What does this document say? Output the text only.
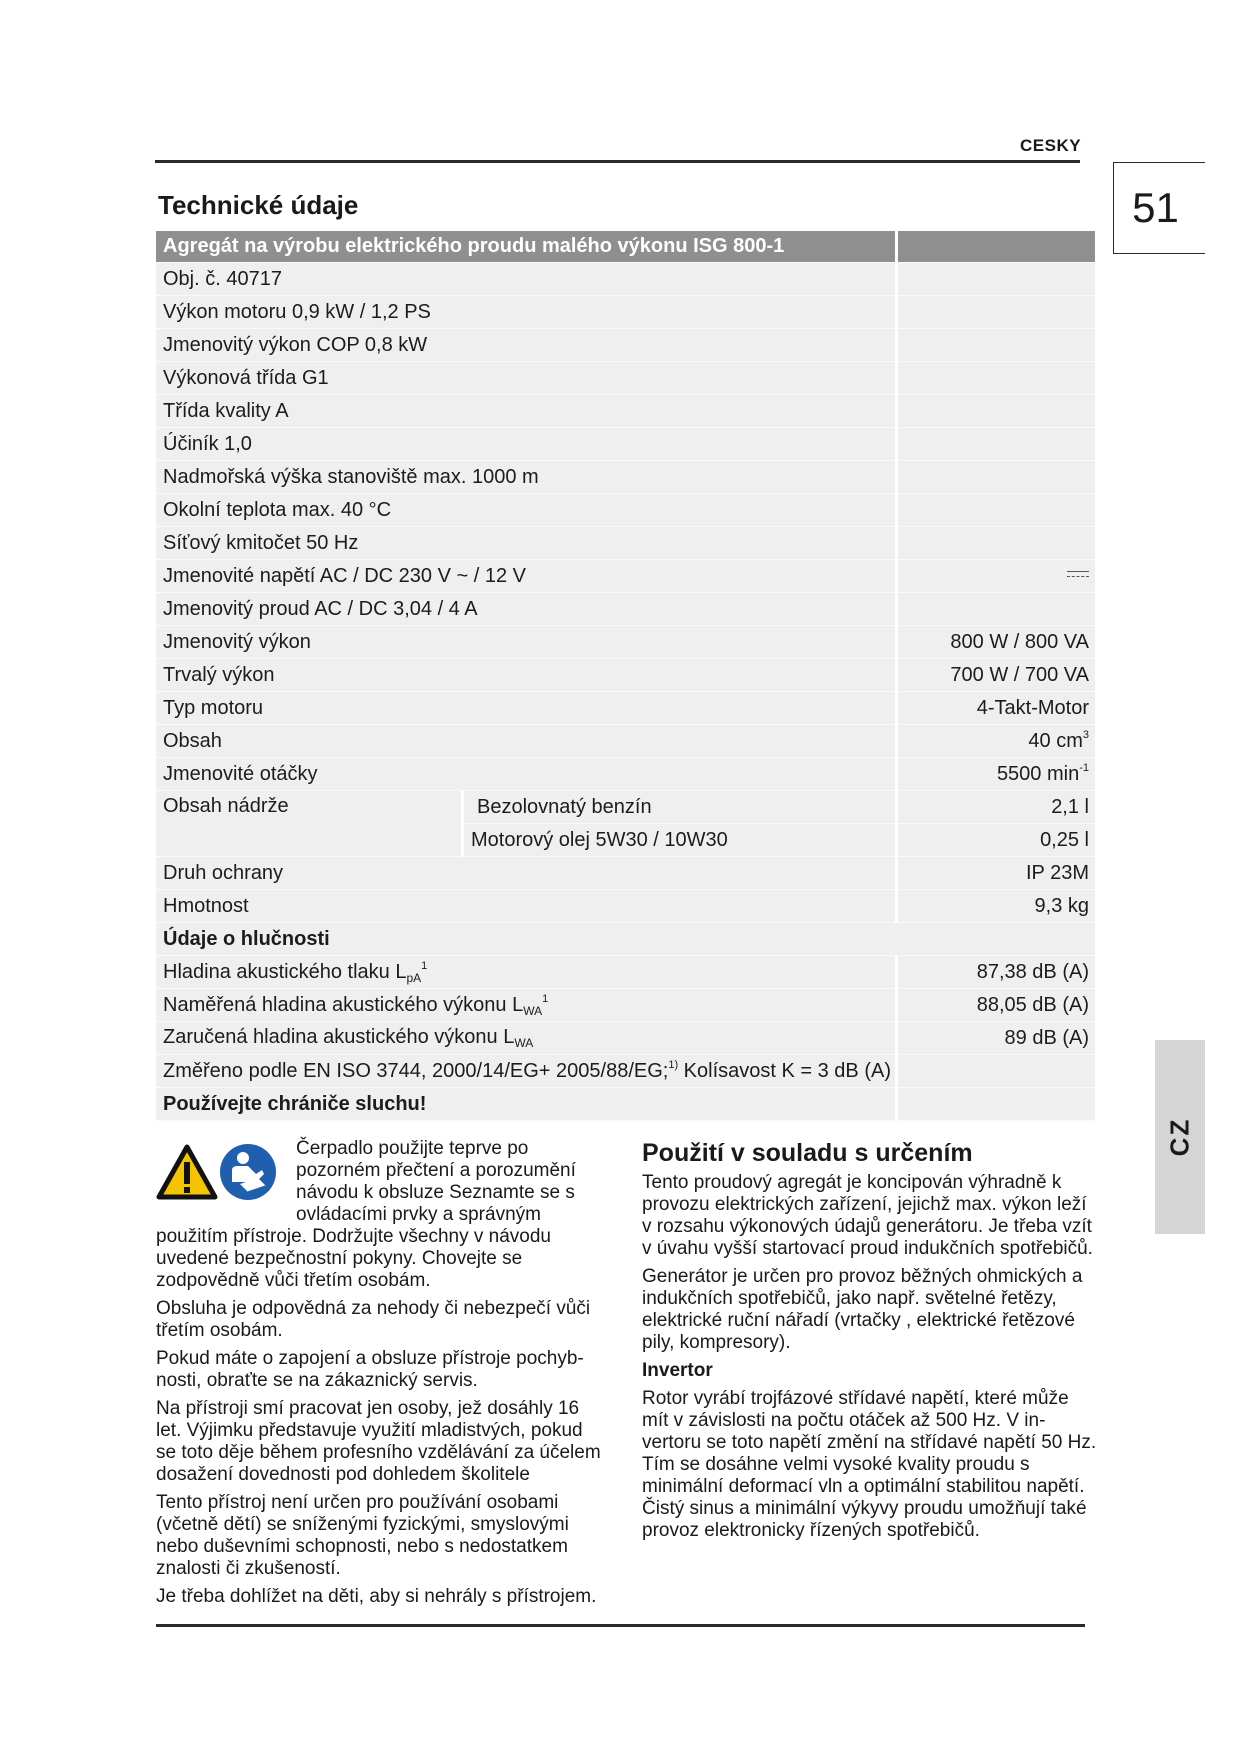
CESKY
51
CZ
Technické údaje
Agregát na výrobu elektrického proudu malého výkonu ISG 800-1		
Obj. č. 40717		
Výkon motoru 0,9 kW / 1,2 PS		
Jmenovitý výkon COP 0,8 kW		
Výkonová třída G1		
Třída kvality A		
Účiník 1,0		
Nadmořská výška stanoviště max. 1000 m		
Okolní teplota max. 40 °C		
Síťový kmitočet 50 Hz		
Jmenovité napětí AC / DC 230 V ~ / 12 V		
Jmenovitý proud AC / DC 3,04 / 4 A		
Jmenovitý výkon		800 W / 800 VA
Trvalý výkon		700 W / 700 VA
Typ motoru		4-Takt-Motor
Obsah		40 $cm^3$
Jmenovité otáčky		5500 $\min^{-1}$
Obsah nádrže	Bezolovnatý benzín	2,1 l
	Motorový olej 5W30 / 10W30	0,25 l
Druh ochrany		IP 23M
Hmotnost		9,3 kg
Údaje o hlučnosti		
Hladina akustického tlaku $L_{pA}^1$		87,38 dB (A)
Naměřená hladina akustického výkonu $L_{WA}^1$		88,05 dB (A)
Zaručená hladina akustického výkonu $L_{WA}$		89 dB (A)
Změřeno podle EN ISO 3744, 2000/14/EG+ 2005/88/EG;$^{1)}$ Kolísavost K = 3 dB (A)		
Používejte chrániče sluchu!		

Čerpadlo použijte teprve po pozorném přečtení a porozumění návodu k obsluze Seznamte se s ovládacími prvky a správným použitím přístroje. Dodržujte všechny v návodu uvedené bezpečnostní pokyny. Chovejte se zodpovědně vůči třetím osobám.

Obsluha je odpovědná za nehody či nebezpečí vůči třetím osobám.

Pokud máte o zapojení a obsluze přístroje pochyb-nosti, obraťte se na zákaznický servis.

Na přístroji smí pracovat jen osoby, jež dosáhly 16 let. Výjimku představuje využití mladistvých, pokud se toto děje během profesního vzdělávání za účelem dosažení dovednosti pod dohledem školitele

Tento přístroj není určen pro používání osobami (včetně dětí) se sníženými fyzickými, smyslovými nebo duševními schopnosti, nebo s nedostatkem znalosti či zkušeností.

Je třeba dohlížet na děti, aby si nehrály s přístrojem.

Použití v souladu s určením

Tento proudový agregát je koncipován výhradně k provozu elektrických zařízení, jejichž max. výkon leží v rozsahu výkonových údajů generátoru. Je třeba vzít v úvahu vyšší startovací proud indukčních spotřebičů.

Generátor je určen pro provoz běžných ohmických a indukčních spotřebičů, jako např. světelné řetězy, elektrické ruční nářadí (vrtačky , elektrické řetězové pily, kompresory).

Invertor

Rotor vyrábí trojfázové střídavé napětí, které může mít v závislosti na počtu otáček až 500 Hz. V in-vertoru se toto napětí změní na střídavé napětí 50 Hz. Tím se dosáhne velmi vysoké kvality proudu s minimální deformací vln a optimální stabilitou napětí. Čistý sinus a minimální výkyvy proudu umožňují také provoz elektronicky řízených spotřebičů.
